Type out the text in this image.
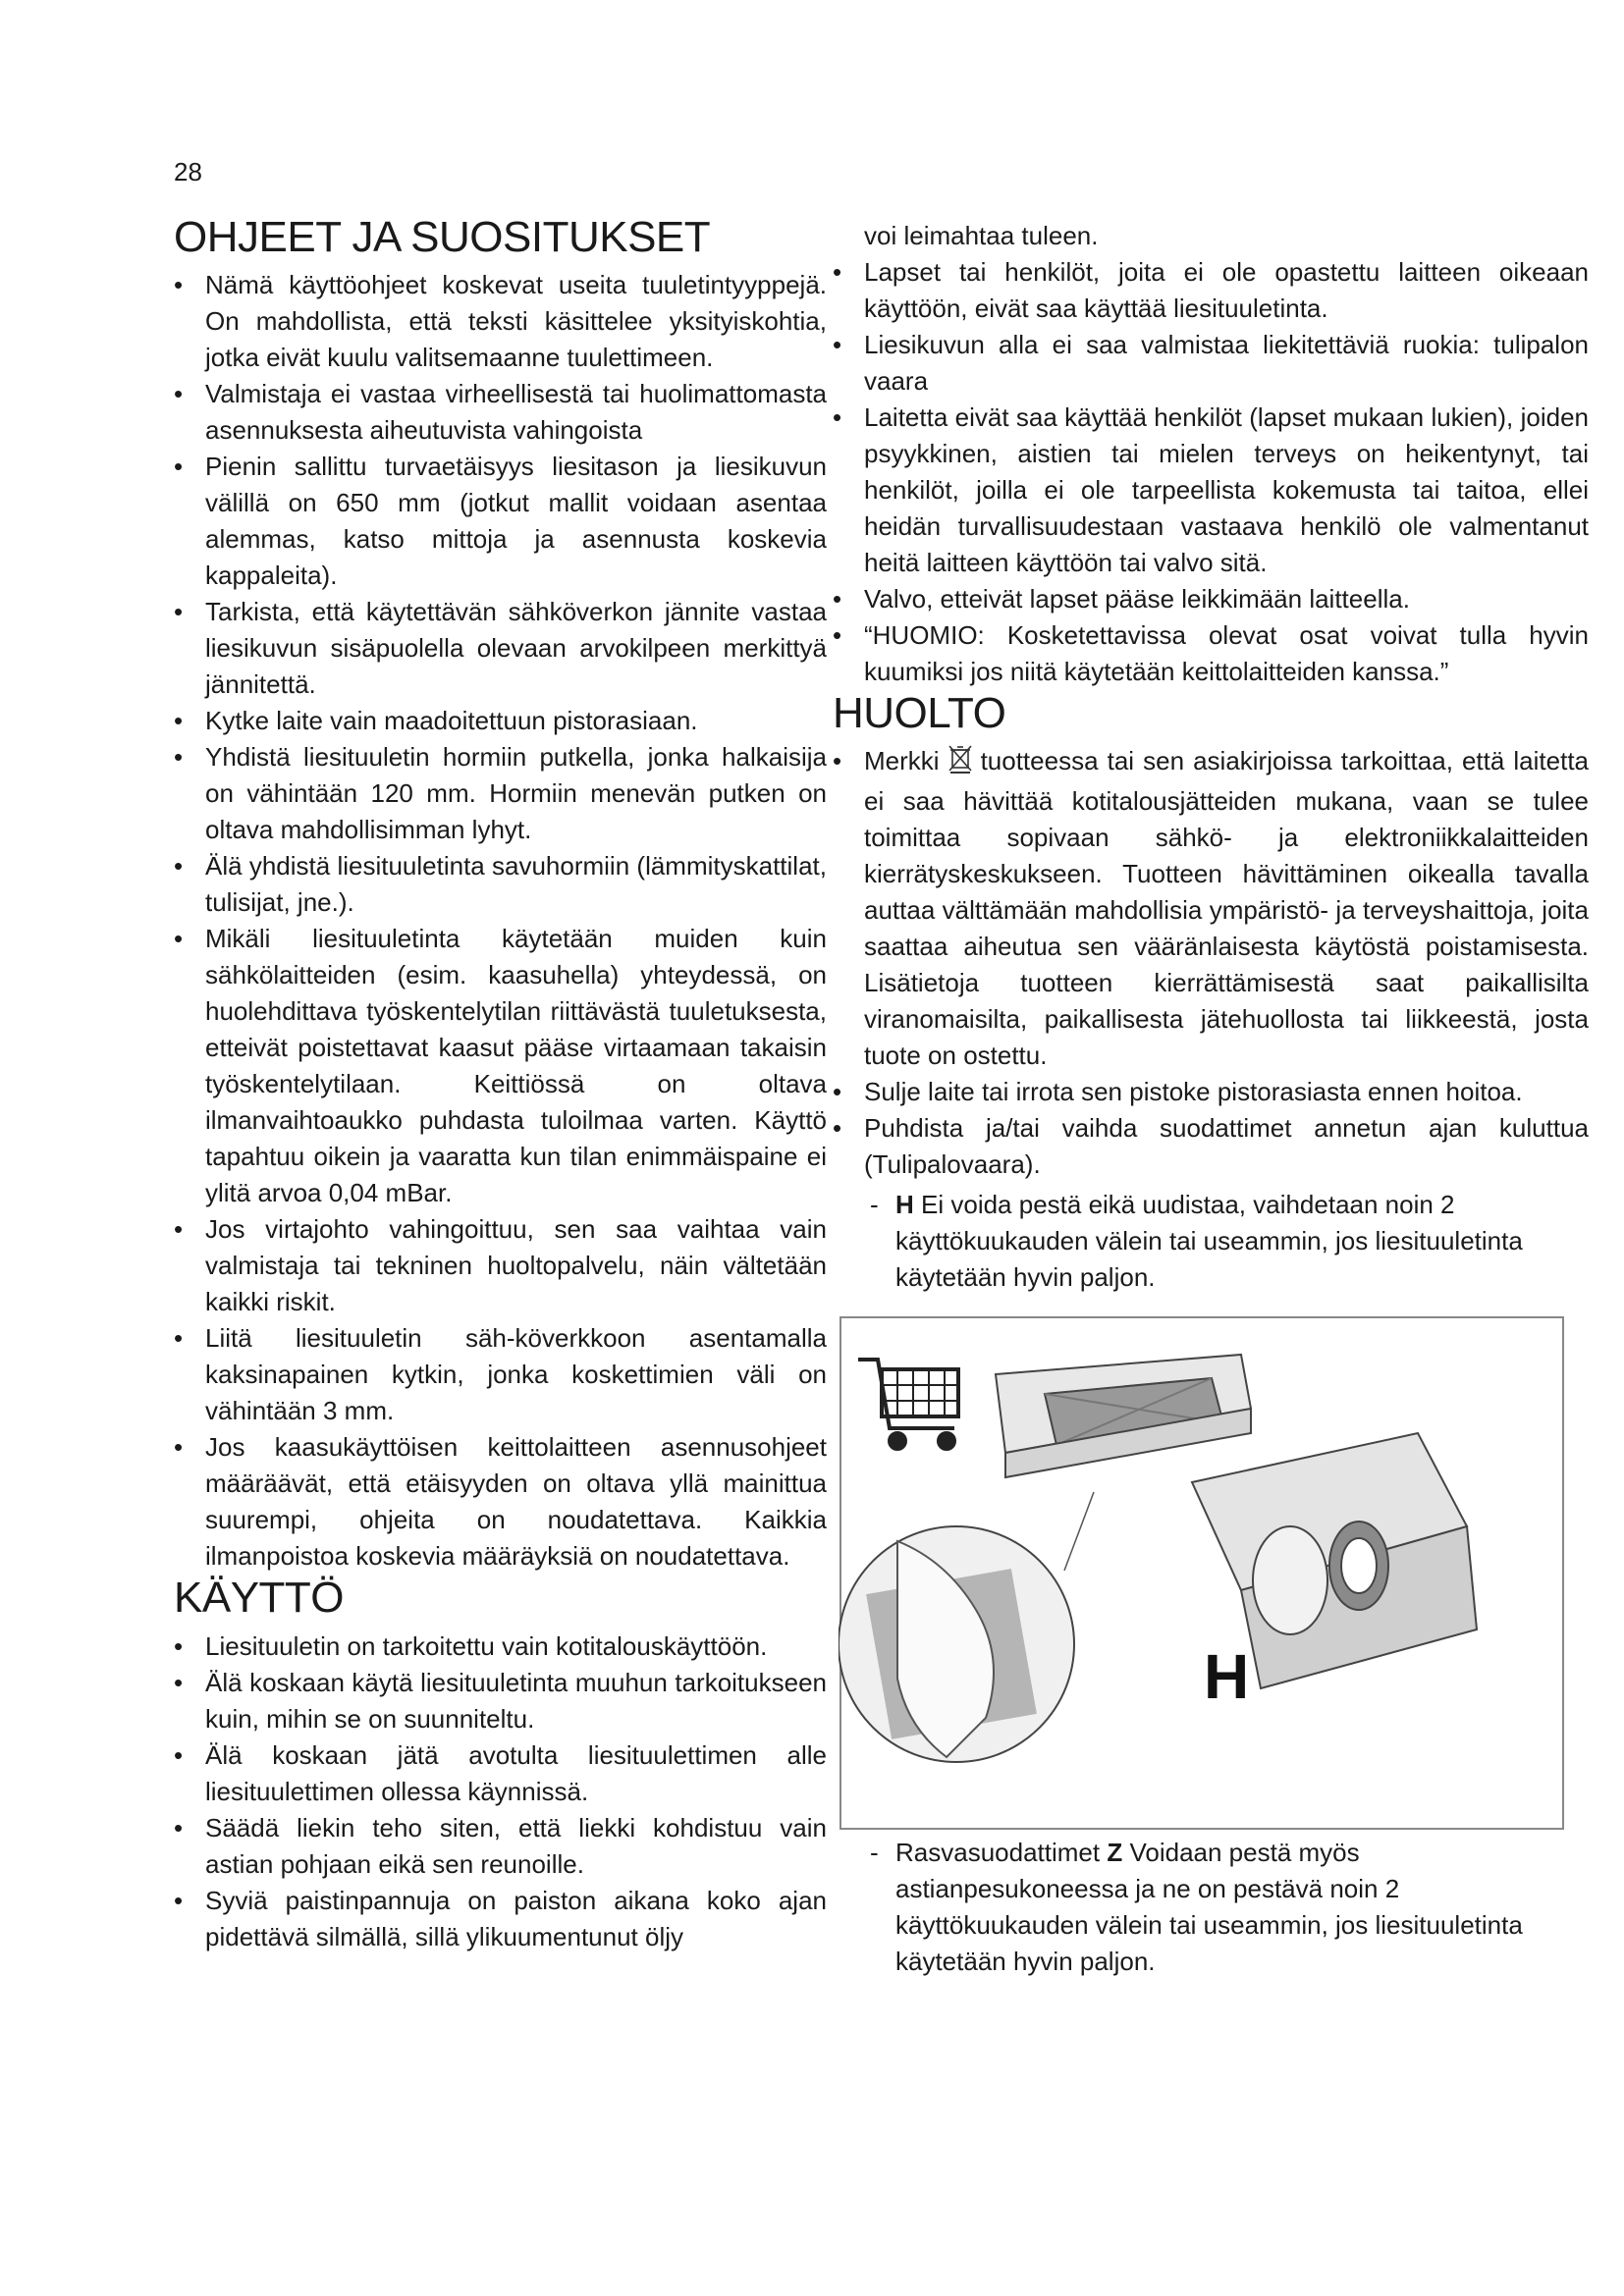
28
OHJEET JA SUOSITUKSET
• Nämä käyttöohjeet koskevat useita tuuletintyyppejä. On mahdollista, että teksti käsittelee yksityiskohtia, jotka eivät kuulu valitsemaanne tuulettimeen.
• Valmistaja ei vastaa virheellisestä tai huolimattomasta asennuksesta aiheutuvista vahingoista
• Pienin sallittu turvaetäisyys liesitason ja liesikuvun välillä on 650 mm (jotkut mallit voidaan asentaa alemmas, katso mittoja ja asennusta koskevia kappaleita).
• Tarkista, että käytettävän sähköverkon jännite vastaa liesikuvun sisäpuolella olevaan arvokilpeen merkittyä jännitettä.
• Kytke laite vain maadoitettuun pistorasiaan.
• Yhdistä liesituuletin hormiin putkella, jonka halkaisija on vähintään 120 mm. Hormiin menevän putken on oltava mahdollisimman lyhyt.
• Älä yhdistä liesituuletinta savuhormiin (lämmityskattilat, tulisijat, jne.).
• Mikäli liesituuletinta käytetään muiden kuin sähkölaitteiden (esim. kaasuhella) yhteydessä, on huolehdittava työskentelytilan riittävästä tuuletuksesta, etteivät poistettavat kaasut pääse virtaamaan takaisin työskentelytilaan. Keittiössä on oltava ilmanvaihtoaukko puhdasta tuloilmaa varten. Käyttö tapahtuu oikein ja vaaratta kun tilan enimmäispaine ei ylitä arvoa 0,04 mBar.
• Jos virtajohto vahingoittuu, sen saa vaihtaa vain valmistaja tai tekninen huoltopalvelu, näin vältetään kaikki riskit.
• Liitä liesituuletin säh-köverkkoon asentamalla kaksinapainen kytkin, jonka koskettimien väli on vähintään 3 mm.
• Jos kaasukäyttöisen keittolaitteen asennusohjeet määräävät, että etäisyyden on oltava yllä mainittua suurempi, ohjeita on noudatettava. Kaikkia ilmanpoistoa koskevia määräyksiä on noudatettava.
KÄYTTÖ
• Liesituuletin on tarkoitettu vain kotitalouskäyttöön.
• Älä koskaan käytä liesituuletinta muuhun tarkoitukseen kuin, mihin se on suunniteltu.
• Älä koskaan jätä avotulta liesituulettimen alle liesituulettimen ollessa käynnissä.
• Säädä liekin teho siten, että liekki kohdistuu vain astian pohjaan eikä sen reunoille.
• Syviä paistinpannuja on paiston aikana koko ajan pidettävä silmällä, sillä ylikuumentunut öljy

voi leimahtaa tuleen.

• Lapset tai henkilöt, joita ei ole opastettu laitteen oikeaan käyttöön, eivät saa käyttää liesituuletinta.
• Liesikuvun alla ei saa valmistaa liekitettäviä ruokia: tulipalon vaara
• Laitetta eivät saa käyttää henkilöt (lapset mukaan lukien), joiden psyykkinen, aistien tai mielen terveys on heikentynyt, tai henkilöt, joilla ei ole tarpeellista kokemusta tai taitoa, ellei heidän turvallisuudestaan vastaava henkilö ole valmentanut heitä laitteen käyttöön tai valvo sitä.
• Valvo, etteivät lapset pääse leikkimään laitteella.
• “HUOMIO: Kosketettavissa olevat osat voivat tulla hyvin kuumiksi jos niitä käytetään keittolaitteiden kanssa.”
HUOLTO
• Merkki tuotteessa tai sen asiakirjoissa tarkoittaa, että laitetta ei saa hävittää kotitalousjätteiden mukana, vaan se tulee toimittaa sopivaan sähkö- ja elektroniikkalaitteiden kierrätyskeskukseen. Tuotteen hävittäminen oikealla tavalla auttaa välttämään mahdollisia ympäristö- ja terveyshaittoja, joita saattaa aiheutua sen vääränlaisesta käytöstä poistamisesta. Lisätietoja tuotteen kierrättämisestä saat paikallisilta viranomaisilta, paikallisesta jätehuollosta tai liikkeestä, josta tuote on ostettu.
• Sulje laite tai irrota sen pistoke pistorasiasta ennen hoitoa.
• Puhdista ja/tai vaihda suodattimet annetun ajan kuluttua (Tulipalovaara).

- H Ei voida pestä eikä uudistaa, vaihdetaan noin 2 käyttökuukauden välein tai useammin, jos liesituuletinta käytetään hyvin paljon.

H

- Rasvasuodattimet Z Voidaan pestä myös astianpesukoneessa ja ne on pestävä noin 2 käyttökuukauden välein tai useammin, jos liesituuletinta käytetään hyvin paljon.
